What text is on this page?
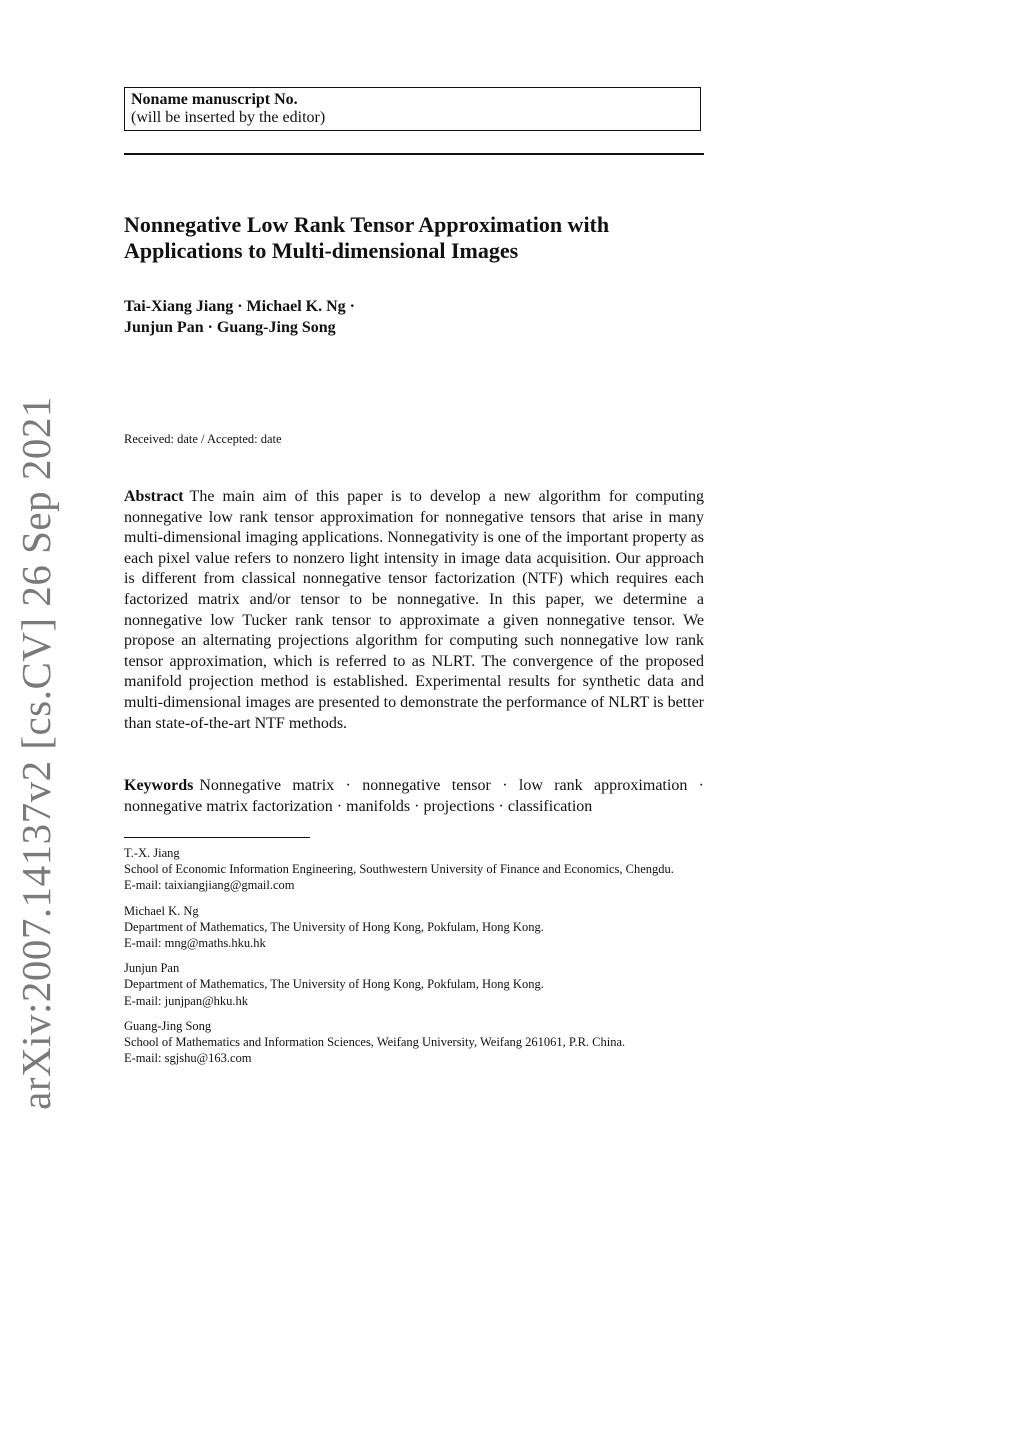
arXiv:2007.14137v2 [cs.CV] 26 Sep 2021
Noname manuscript No.
(will be inserted by the editor)
Nonnegative Low Rank Tensor Approximation with
Applications to Multi-dimensional Images
Tai-Xiang Jiang · Michael K. Ng ·
Junjun Pan · Guang-Jing Song
Received: date / Accepted: date

Abstract The main aim of this paper is to develop a new algorithm for computing nonnegative low rank tensor approximation for nonnegative tensors that arise in many multi-dimensional imaging applications. Nonnegativity is one of the important property as each pixel value refers to nonzero light intensity in image data acquisition. Our approach is different from classical nonnegative tensor factorization (NTF) which requires each factorized matrix and/or tensor to be nonnegative. In this paper, we determine a nonnegative low Tucker rank tensor to approximate a given nonnegative tensor. We propose an alternating projections algorithm for computing such nonnegative low rank tensor approximation, which is referred to as NLRT. The convergence of the proposed manifold projection method is established. Experimental results for synthetic data and multi-dimensional images are presented to demonstrate the performance of NLRT is better than state-of-the-art NTF methods.

Keywords Nonnegative matrix · nonnegative tensor · low rank approximation · nonnegative matrix factorization · manifolds · projections · classification

T.-X. Jiang
School of Economic Information Engineering, Southwestern University of Finance and Economics, Chengdu.
E-mail: taixiangjiang@gmail.com
Michael K. Ng
Department of Mathematics, The University of Hong Kong, Pokfulam, Hong Kong.
E-mail: mng@maths.hku.hk
Junjun Pan
Department of Mathematics, The University of Hong Kong, Pokfulam, Hong Kong.
E-mail: junjpan@hku.hk
Guang-Jing Song
School of Mathematics and Information Sciences, Weifang University, Weifang 261061, P.R. China.
E-mail: sgjshu@163.com
